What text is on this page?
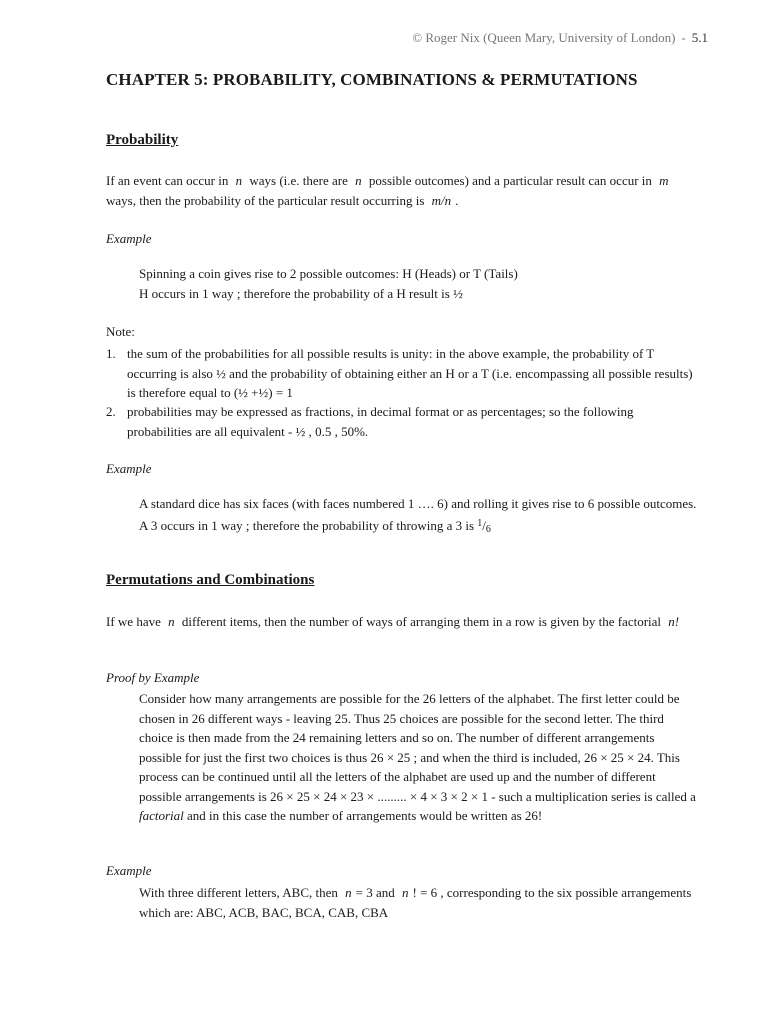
© Roger Nix (Queen Mary, University of London) - 5.1
CHAPTER 5: PROBABILITY, COMBINATIONS & PERMUTATIONS
Probability

If an event can occur in n ways (i.e. there are n possible outcomes) and a particular result can occur in m ways, then the probability of the particular result occurring is m/n .

Example

Spinning a coin gives rise to 2 possible outcomes: H (Heads) or T (Tails)
H occurs in 1 way ; therefore the probability of a H result is ½

Note:

1. the sum of the probabilities for all possible results is unity: in the above example, the probability of T occurring is also ½ and the probability of obtaining either an H or a T (i.e. encompassing all possible results) is therefore equal to (½ +½) = 1
2. probabilities may be expressed as fractions, in decimal format or as percentages; so the following probabilities are all equivalent - ½ , 0.5 , 50%.

Example

A standard dice has six faces (with faces numbered 1 …. 6) and rolling it gives rise to 6 possible outcomes. A 3 occurs in 1 way ; therefore the probability of throwing a 3 is $^1/_6$

Permutations and Combinations

If we have n different items, then the number of ways of arranging them in a row is given by the factorial n!

Proof by Example

Consider how many arrangements are possible for the 26 letters of the alphabet. The first letter could be chosen in 26 different ways - leaving 25. Thus 25 choices are possible for the second letter. The third choice is then made from the 24 remaining letters and so on. The number of different arrangements possible for just the first two choices is thus 26 × 25 ; and when the third is included, 26 × 25 × 24. This process can be continued until all the letters of the alphabet are used up and the number of different possible arrangements is 26 × 25 × 24 × 23 × ......... × 4 × 3 × 2 × 1 - such a multiplication series is called a factorial and in this case the number of arrangements would be written as 26!

Example

With three different letters, ABC, then n = 3 and n ! = 6 , corresponding to the six possible arrangements which are: ABC, ACB, BAC, BCA, CAB, CBA
